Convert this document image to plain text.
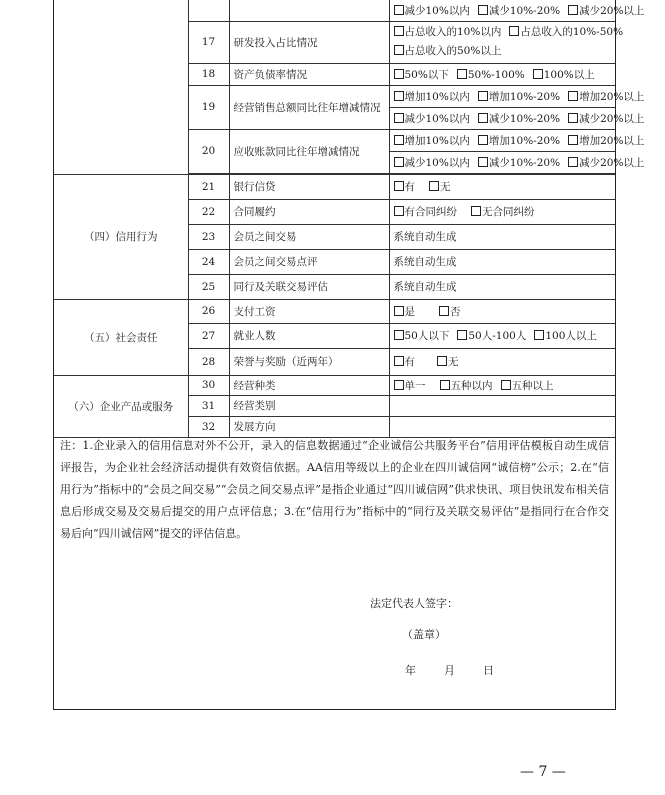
			减少10%以内 减少10%-20% 减少20%以上
	17	研发投入占比情况	占总收入的10%以内 占总收入的10%-50%
占总收入的50%以上

	18	资产负债率情况	50%以下 50%-100% 100%以上
	19	经营销售总额同比往年增减情况	增加10%以内 增加10%-20% 增加20%以上
			减少10%以内 减少10%-20% 减少20%以上
	20	应收账款同比往年增减情况	增加10%以内 增加10%-20% 增加20%以上
			减少10%以内 减少10%-20% 减少20%以上

（四）信用行为	21	银行信贷	有 无
	22	合同履约	有合同纠纷 无合同纠纷
	23	会员之间交易	系统自动生成
	24	会员之间交易点评	系统自动生成
	25	同行及关联交易评估	系统自动生成
（五）社会责任	26	支付工资	是 否
	27	就业人数	50人以下 50人-100人 100人以上
	28	荣誉与奖励（近两年）	有 无
（六）企业产品或服务	30	经营种类	单一 五种以内 五种以上
	31	经营类别	
	32	发展方向	
注：1.企业录入的信用信息对外不公开，录入的信息数据通过“企业诚信公共服务平台”信用评估模板自动生成信评报告，为企业社会经济活动提供有效资信依据。AA信用等级以上的企业在四川诚信网“诚信榜”公示；2.在“信用行为”指标中的“会员之间交易”“会员之间交易点评”是指企业通过“四川诚信网”供求快讯、项目快讯发布相关信息后形成交易及交易后提交的用户点评信息；3.在“信用行为”指标中的“同行及关联交易评估”是指同行在合作交易后向“四川诚信网”提交的评估信息。
法定代表人签字：
（盖章）
年	月	日
— 7 —
